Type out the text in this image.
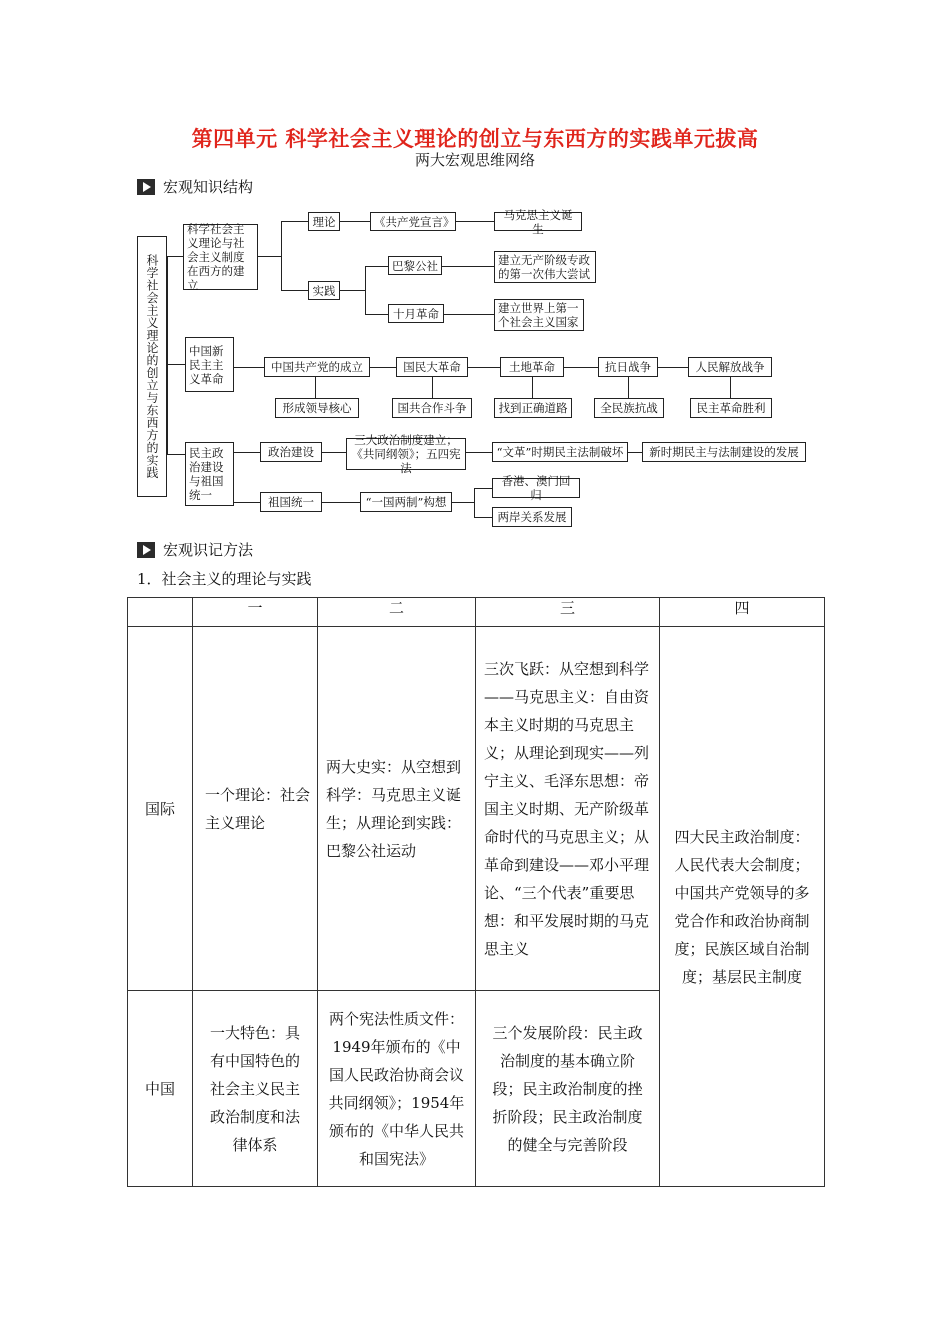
第四单元 科学社会主义理论的创立与东西方的实践单元拔高
两大宏观思维网络
宏观知识结构
科学社会主义理论的创立与东西方的实践
科学社会主义理论与社会主义制度在西方的建立
理论	《共产党宣言》	马克思主义诞生
实践
巴黎公社	建立无产阶级专政的第一次伟大尝试
十月革命	建立世界上第一个社会主义国家
中国新民主主义革命
中国共产党的成立	国民大革命	土地革命	抗日战争	人民解放战争
形成领导核心	国共合作斗争	找到正确道路	全民族抗战	民主革命胜利
民主政治建设与祖国统一
政治建设
三大政治制度建立；《共同纲领》；五四宪法
“文革”时期民主法制破坏	新时期民主与法制建设的发展
祖国统一	“一国两制”构想
香港、澳门回归
两岸关系发展
宏观识记方法
1．社会主义的理论与实践
	一	二	三	四
国际	一个理论：社会主义理论	两大史实：从空想到科学：马克思主义诞生；从理论到实践：巴黎公社运动	三次飞跃：从空想到科学——马克思主义：自由资本主义时期的马克思主义；从理论到现实——列宁主义、毛泽东思想：帝国主义时期、无产阶级革命时代的马克思主义；从革命到建设——邓小平理论、“三个代表”重要思想：和平发展时期的马克思主义	四大民主政治制度：人民代表大会制度；中国共产党领导的多党合作和政治协商制度；民族区域自治制度；基层民主制度
中国	一大特色：具有中国特色的社会主义民主政治制度和法律体系	两个宪法性质文件：1949年颁布的《中国人民政治协商会议共同纲领》；1954年颁布的《中华人民共和国宪法》	三个发展阶段：民主政治制度的基本确立阶段；民主政治制度的挫折阶段；民主政治制度的健全与完善阶段	
